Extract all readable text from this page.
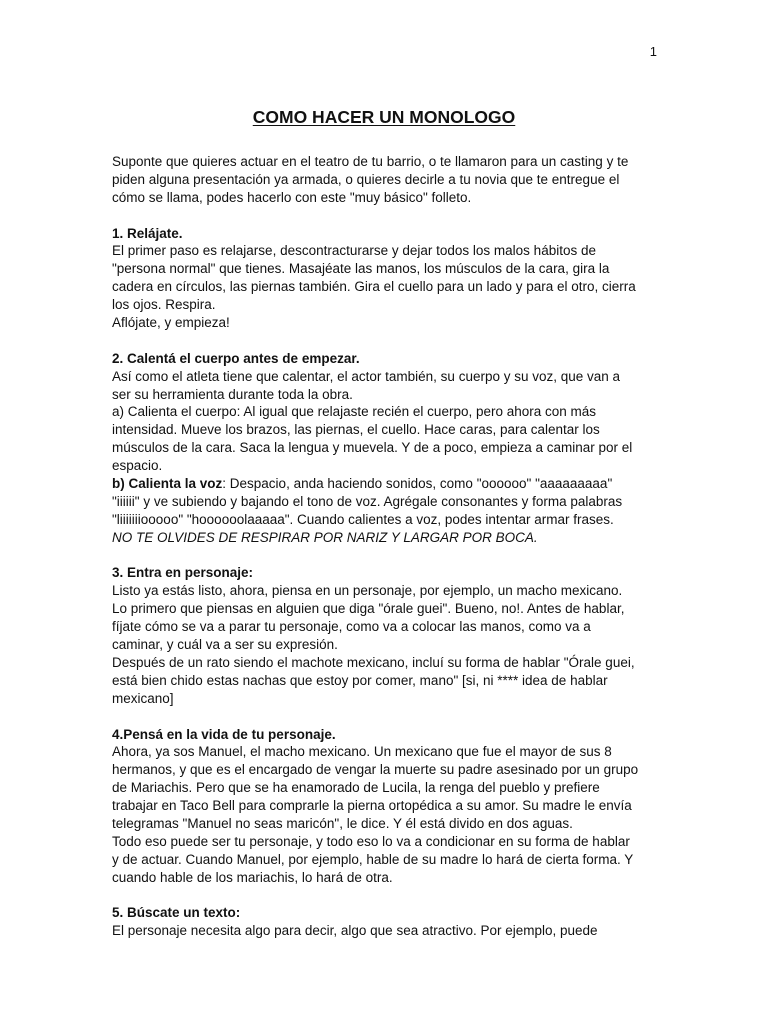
1
COMO HACER UN MONOLOGO
Suponte que quieres actuar en el teatro de tu barrio, o te llamaron para un casting y te
piden alguna presentación ya armada, o quieres decirle a tu novia que te entregue el
cómo se llama, podes hacerlo con este "muy básico" folleto.
1. Relájate.
El primer paso es relajarse, descontracturarse y dejar todos los malos hábitos de
"persona normal" que tienes. Masajéate las manos, los músculos de la cara, gira la
cadera en círculos, las piernas también. Gira el cuello para un lado y para el otro, cierra
los ojos. Respira.
Aflójate, y empieza!
2. Calentá el cuerpo antes de empezar.
Así como el atleta tiene que calentar, el actor también, su cuerpo y su voz, que van a
ser su herramienta durante toda la obra.
a) Calienta el cuerpo: Al igual que relajaste recién el cuerpo, pero ahora con más
intensidad. Mueve los brazos, las piernas, el cuello. Hace caras, para calentar los
músculos de la cara. Saca la lengua y muevela. Y de a poco, empieza a caminar por el
espacio.
b) Calienta la voz: Despacio, anda haciendo sonidos, como "oooooo" "aaaaaaaaa"
"iiiiii" y ve subiendo y bajando el tono de voz. Agrégale consonantes y forma palabras
"liiiiiiiooooo" "hoooooolaaaaa". Cuando calientes a voz, podes intentar armar frases.
NO TE OLVIDES DE RESPIRAR POR NARIZ Y LARGAR POR BOCA.
3. Entra en personaje:
Listo ya estás listo, ahora, piensa en un personaje, por ejemplo, un macho mexicano.
Lo primero que piensas en alguien que diga "órale guei". Bueno, no!. Antes de hablar,
fíjate cómo se va a parar tu personaje, como va a colocar las manos, como va a
caminar, y cuál va a ser su expresión.
Después de un rato siendo el machote mexicano, incluí su forma de hablar "Órale guei,
está bien chido estas nachas que estoy por comer, mano" [si, ni **** idea de hablar
mexicano]
4.Pensá en la vida de tu personaje.
Ahora, ya sos Manuel, el macho mexicano. Un mexicano que fue el mayor de sus 8
hermanos, y que es el encargado de vengar la muerte su padre asesinado por un grupo
de Mariachis. Pero que se ha enamorado de Lucila, la renga del pueblo y prefiere
trabajar en Taco Bell para comprarle la pierna ortopédica a su amor. Su madre le envía
telegramas "Manuel no seas maricón", le dice. Y él está divido en dos aguas.
Todo eso puede ser tu personaje, y todo eso lo va a condicionar en su forma de hablar
y de actuar. Cuando Manuel, por ejemplo, hable de su madre lo hará de cierta forma. Y
cuando hable de los mariachis, lo hará de otra.
5. Búscate un texto:
El personaje necesita algo para decir, algo que sea atractivo. Por ejemplo, puede
